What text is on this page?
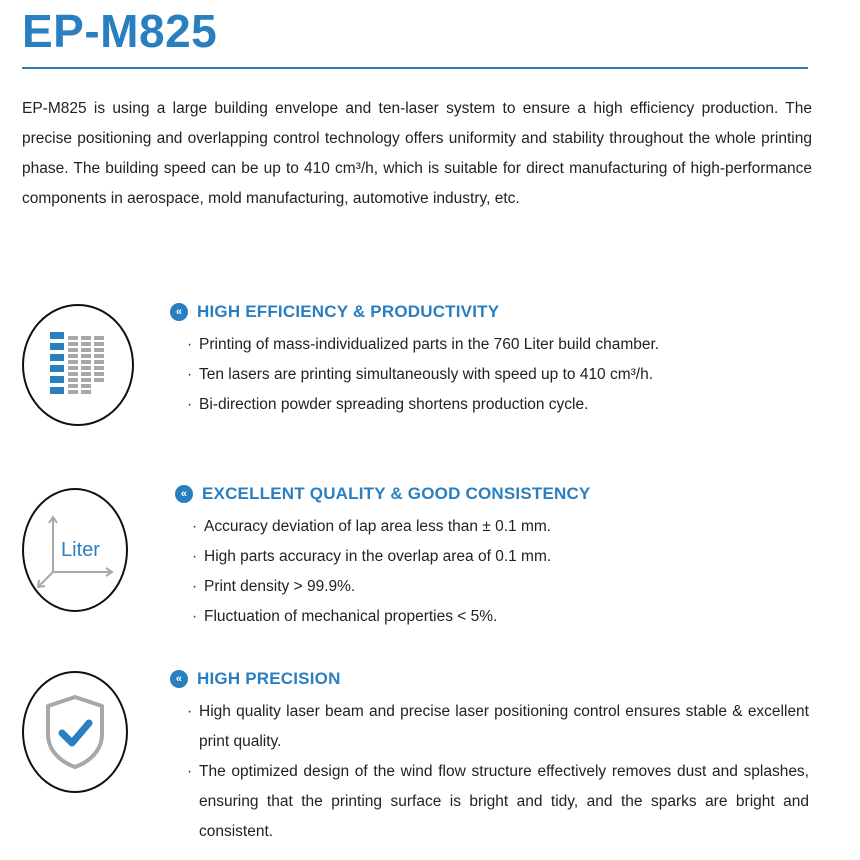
EP-M825

EP-M825 is using a large building envelope and ten-laser system to ensure a high efficiency production. The precise positioning and overlapping control technology offers uniformity and stability throughout the whole printing phase. The building speed can be up to 410 cm³/h, which is suitable for direct manufacturing of high-performance components in aerospace, mold manufacturing, automotive industry, etc.

« HIGH EFFICIENCY & PRODUCTIVITY
· Printing of mass-individualized parts in the 760 Liter build chamber.
· Ten lasers are printing simultaneously with speed up to 410 cm³/h.
· Bi-direction powder spreading shortens production cycle.
Liter
« EXCELLENT QUALITY & GOOD CONSISTENCY
· Accuracy deviation of lap area less than ± 0.1 mm.
· High parts accuracy in the overlap area of 0.1 mm.
· Print density > 99.9%.
· Fluctuation of mechanical properties < 5%.
« HIGH PRECISION
· High quality laser beam and precise laser positioning control ensures stable & excellent print quality.
· The optimized design of the wind flow structure effectively removes dust and splashes, ensuring that the printing surface is bright and tidy, and the sparks are bright and consistent.
